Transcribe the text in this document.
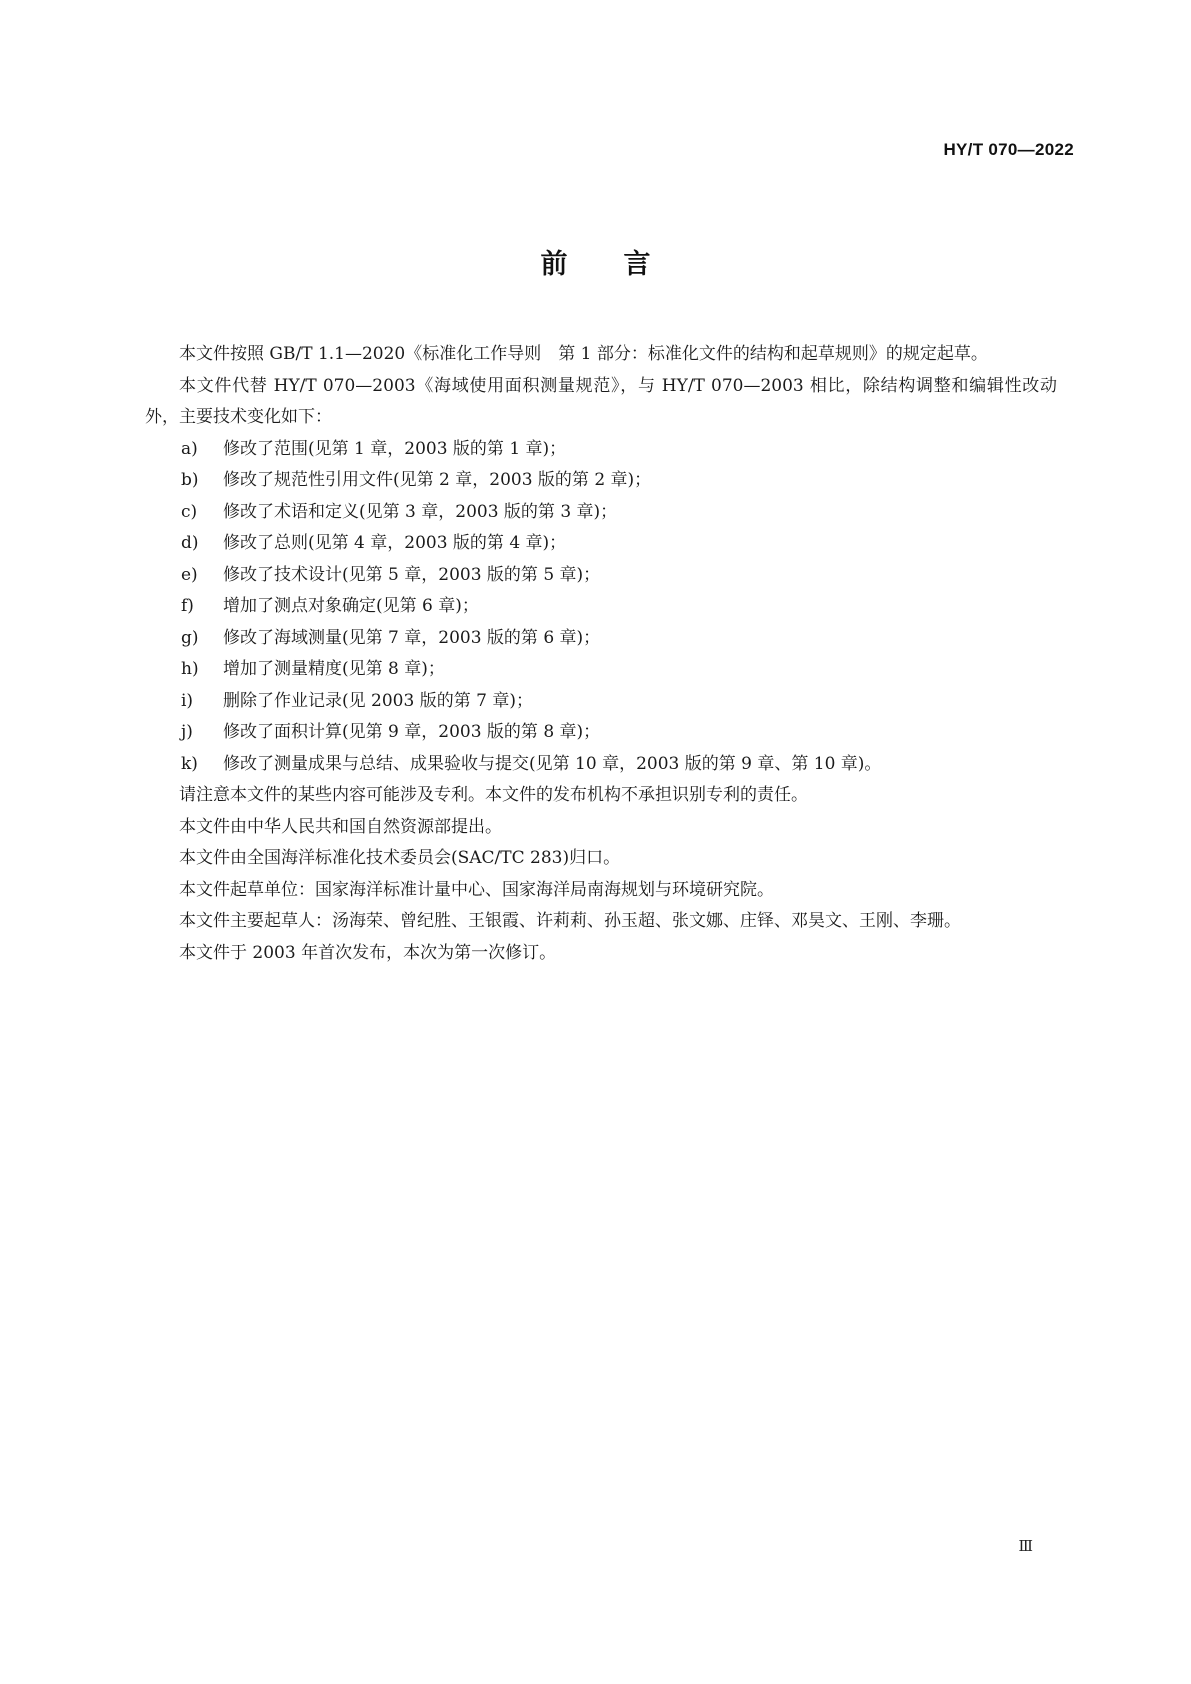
HY/T 070—2022
前言

本文件按照 GB/T 1.1—2020《标准化工作导则　第 1 部分：标准化文件的结构和起草规则》的规定起草。

本文件代替 HY/T 070—2003《海域使用面积测量规范》，与 HY/T 070—2003 相比，除结构调整和编辑性改动外，主要技术变化如下：

a) 修改了范围(见第 1 章，2003 版的第 1 章)；
b) 修改了规范性引用文件(见第 2 章，2003 版的第 2 章)；
c) 修改了术语和定义(见第 3 章，2003 版的第 3 章)；
d) 修改了总则(见第 4 章，2003 版的第 4 章)；
e) 修改了技术设计(见第 5 章，2003 版的第 5 章)；
f) 增加了测点对象确定(见第 6 章)；
g) 修改了海域测量(见第 7 章，2003 版的第 6 章)；
h) 增加了测量精度(见第 8 章)；
i) 删除了作业记录(见 2003 版的第 7 章)；
j) 修改了面积计算(见第 9 章，2003 版的第 8 章)；
k) 修改了测量成果与总结、成果验收与提交(见第 10 章，2003 版的第 9 章、第 10 章)。

请注意本文件的某些内容可能涉及专利。本文件的发布机构不承担识别专利的责任。

本文件由中华人民共和国自然资源部提出。

本文件由全国海洋标准化技术委员会(SAC/TC 283)归口。

本文件起草单位：国家海洋标准计量中心、国家海洋局南海规划与环境研究院。

本文件主要起草人：汤海荣、曾纪胜、王银霞、许莉莉、孙玉超、张文娜、庄铎、邓昊文、王刚、李珊。

本文件于 2003 年首次发布，本次为第一次修订。

Ⅲ
